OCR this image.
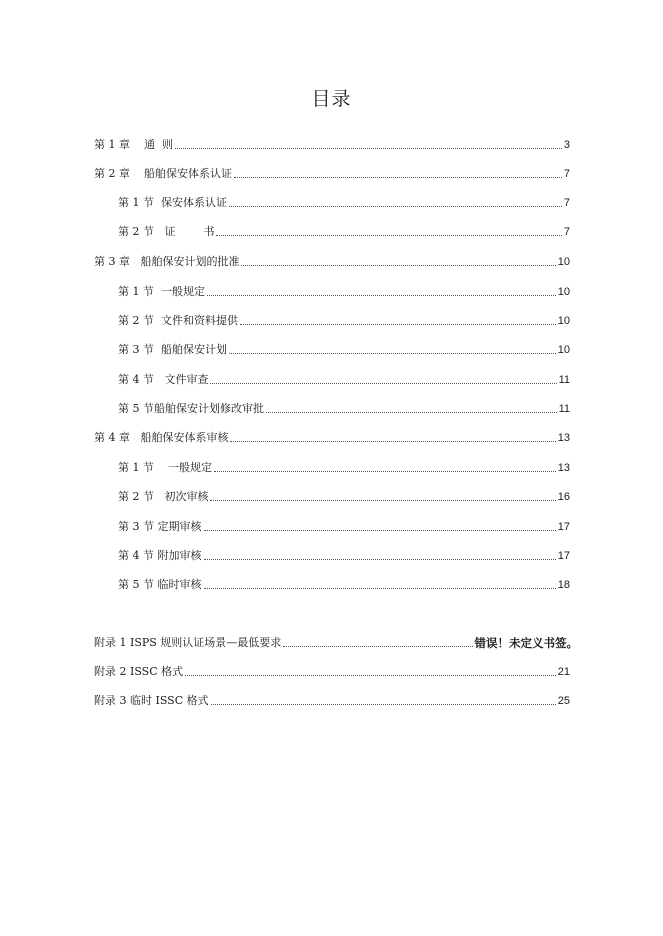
目录
第 1 章    通  则	3
第 2 章    船舶保安体系认证	7
第 1 节  保安体系认证	7
第 2 节   证        书	7
第 3 章   船舶保安计划的批准	10
第 1 节  一般规定	10
第 2 节  文件和资料提供	10
第 3 节  船舶保安计划	10
第 4 节   文件审查	11
第 5 节船舶保安计划修改审批	11
第 4 章   船舶保安体系审核	13
第 1 节    一般规定	13
第 2 节   初次审核	16
第 3 节 定期审核	17
第 4 节 附加审核	17
第 5 节 临时审核	18
附录 1 ISPS 规则认证场景—最低要求	错误！未定义书签。
附录 2 ISSC 格式	21
附录 3 临时 ISSC 格式	25
